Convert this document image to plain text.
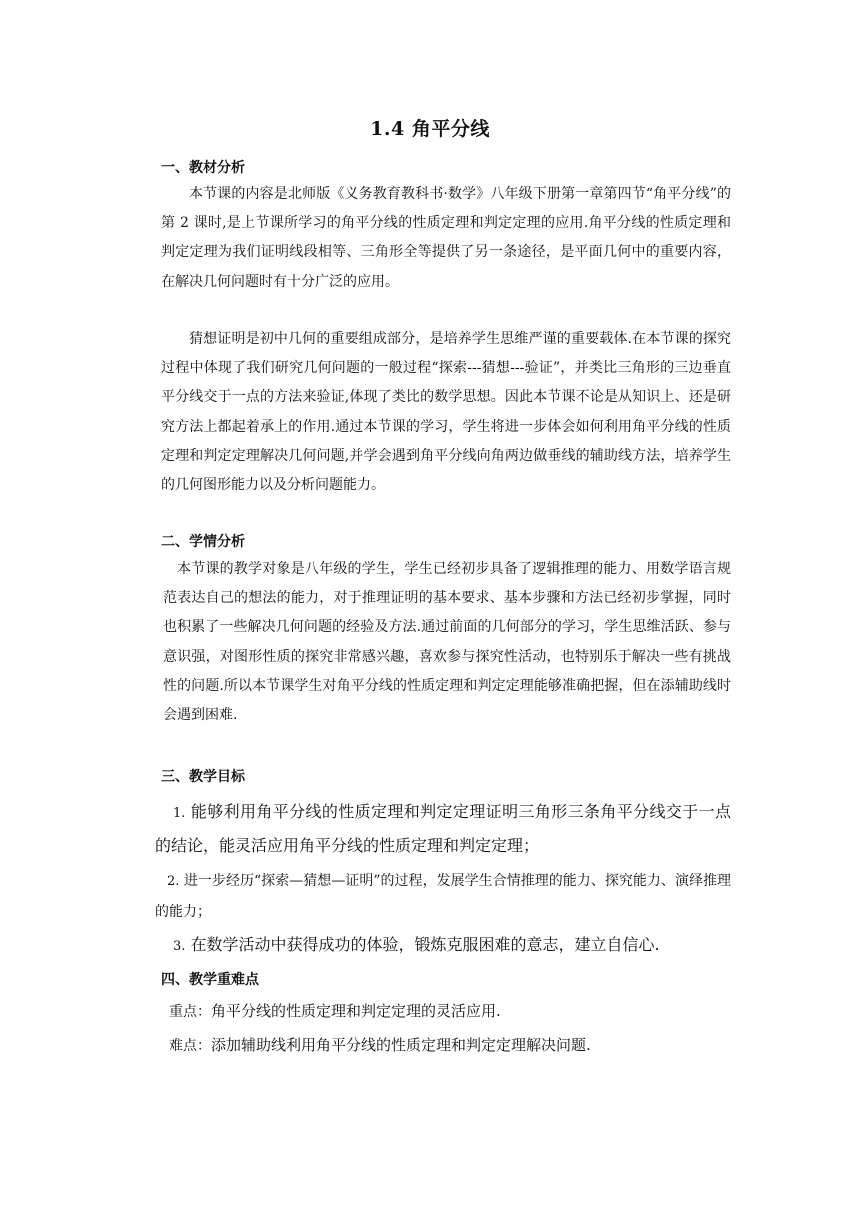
1.4 角平分线
一、教材分析
本节课的内容是北师版《义务教育教科书·数学》八年级下册第一章第四节“角平分线”的第 2 课时,是上节课所学习的角平分线的性质定理和判定定理的应用.角平分线的性质定理和判定定理为我们证明线段相等、三角形全等提供了另一条途径，是平面几何中的重要内容，在解决几何问题时有十分广泛的应用。
猜想证明是初中几何的重要组成部分，是培养学生思维严谨的重要载体.在本节课的探究过程中体现了我们研究几何问题的一般过程“探索---猜想---验证”，并类比三角形的三边垂直平分线交于一点的方法来验证,体现了类比的数学思想。因此本节课不论是从知识上、还是研究方法上都起着承上的作用.通过本节课的学习，学生将进一步体会如何利用角平分线的性质定理和判定定理解决几何问题,并学会遇到角平分线向角两边做垂线的辅助线方法，培养学生的几何图形能力以及分析问题能力。
二、学情分析
本节课的教学对象是八年级的学生，学生已经初步具备了逻辑推理的能力、用数学语言规范表达自己的想法的能力，对于推理证明的基本要求、基本步骤和方法已经初步掌握，同时也积累了一些解决几何问题的经验及方法.通过前面的几何部分的学习，学生思维活跃、参与意识强，对图形性质的探究非常感兴趣，喜欢参与探究性活动，也特别乐于解决一些有挑战性的问题.所以本节课学生对角平分线的性质定理和判定定理能够准确把握，但在添辅助线时会遇到困难.
三、教学目标
1. 能够利用角平分线的性质定理和判定定理证明三角形三条角平分线交于一点的结论，能灵活应用角平分线的性质定理和判定定理；
2. 进一步经历“探索—猜想—证明”的过程，发展学生合情推理的能力、探究能力、演绎推理的能力；
3. 在数学活动中获得成功的体验，锻炼克服困难的意志，建立自信心.
四、教学重难点
重点：角平分线的性质定理和判定定理的灵活应用.
难点：添加辅助线利用角平分线的性质定理和判定定理解决问题.
